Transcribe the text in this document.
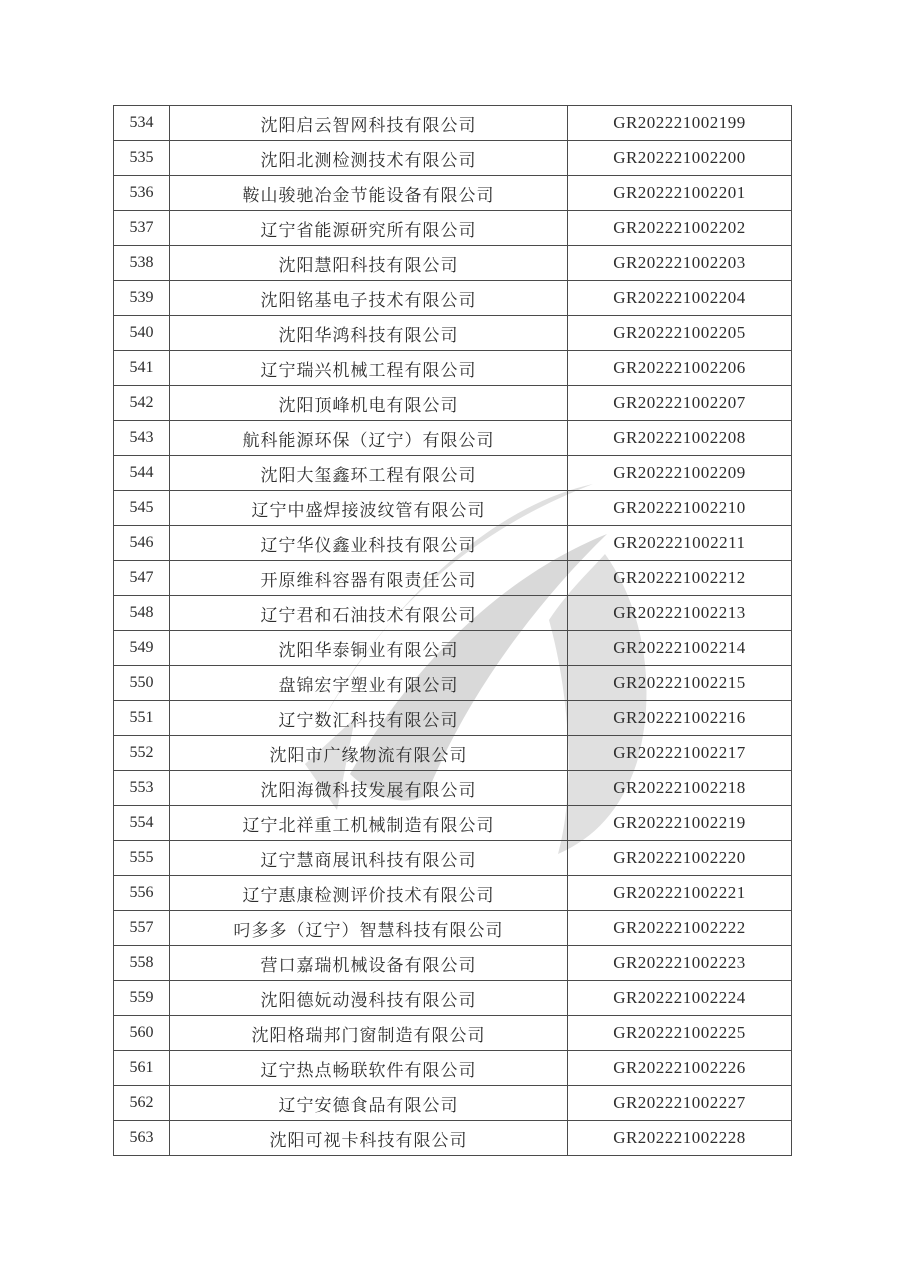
534	沈阳启云智网科技有限公司	GR202221002199
535	沈阳北测检测技术有限公司	GR202221002200
536	鞍山骏驰冶金节能设备有限公司	GR202221002201
537	辽宁省能源研究所有限公司	GR202221002202
538	沈阳慧阳科技有限公司	GR202221002203
539	沈阳铭基电子技术有限公司	GR202221002204
540	沈阳华鸿科技有限公司	GR202221002205
541	辽宁瑞兴机械工程有限公司	GR202221002206
542	沈阳顶峰机电有限公司	GR202221002207
543	航科能源环保（辽宁）有限公司	GR202221002208
544	沈阳大玺鑫环工程有限公司	GR202221002209
545	辽宁中盛焊接波纹管有限公司	GR202221002210
546	辽宁华仪鑫业科技有限公司	GR202221002211
547	开原维科容器有限责任公司	GR202221002212
548	辽宁君和石油技术有限公司	GR202221002213
549	沈阳华泰铜业有限公司	GR202221002214
550	盘锦宏宇塑业有限公司	GR202221002215
551	辽宁数汇科技有限公司	GR202221002216
552	沈阳市广缘物流有限公司	GR202221002217
553	沈阳海微科技发展有限公司	GR202221002218
554	辽宁北祥重工机械制造有限公司	GR202221002219
555	辽宁慧商展讯科技有限公司	GR202221002220
556	辽宁惠康检测评价技术有限公司	GR202221002221
557	叼多多（辽宁）智慧科技有限公司	GR202221002222
558	营口嘉瑞机械设备有限公司	GR202221002223
559	沈阳德妧动漫科技有限公司	GR202221002224
560	沈阳格瑞邦门窗制造有限公司	GR202221002225
561	辽宁热点畅联软件有限公司	GR202221002226
562	辽宁安德食品有限公司	GR202221002227
563	沈阳可视卡科技有限公司	GR202221002228
